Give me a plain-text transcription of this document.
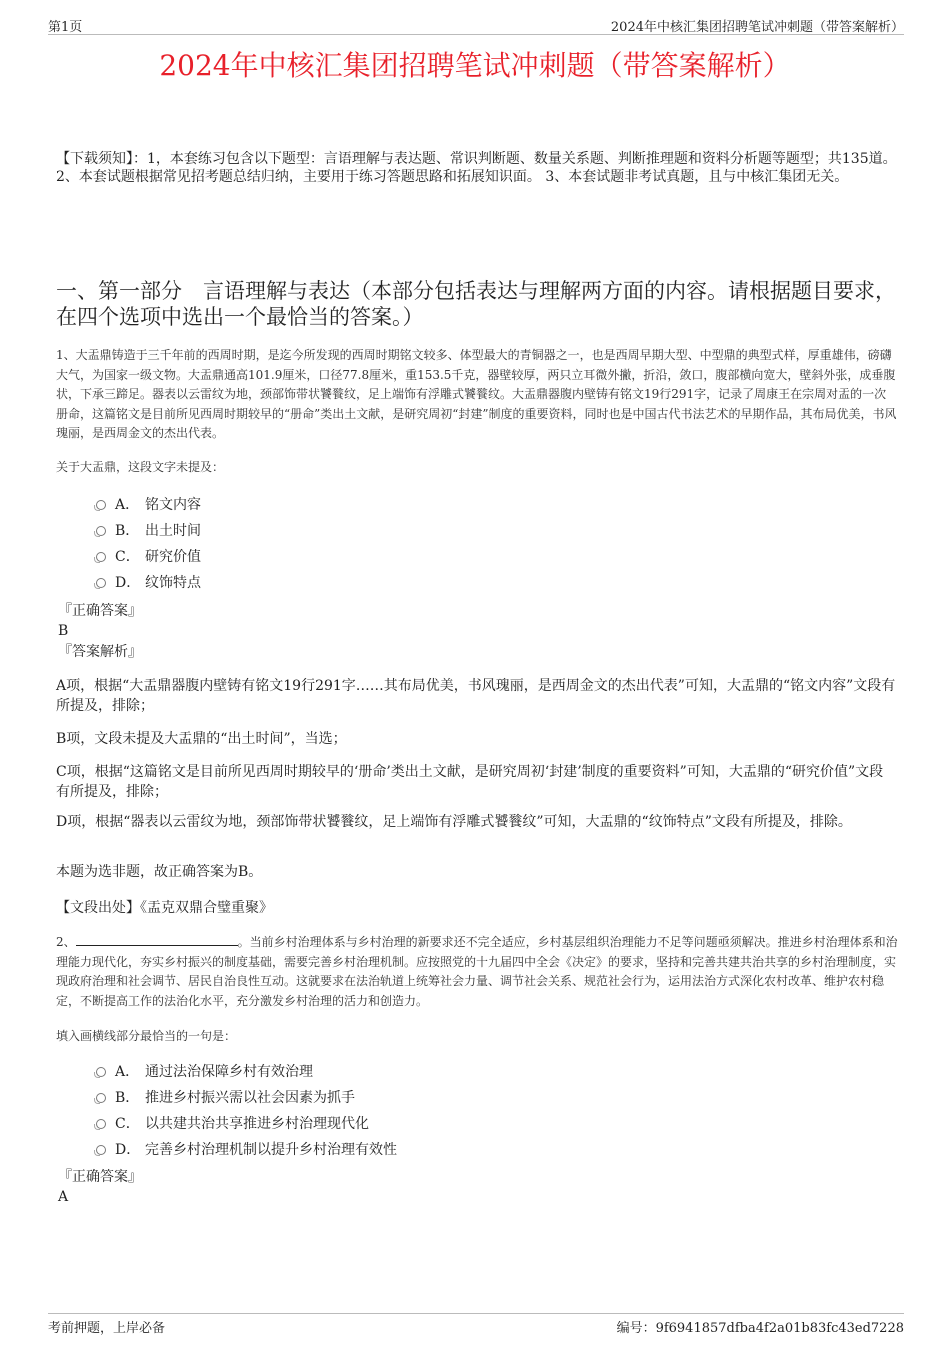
第1页	2024年中核汇集团招聘笔试冲刺题（带答案解析）
2024年中核汇集团招聘笔试冲刺题（带答案解析）
【下载须知】：1，本套练习包含以下题型：言语理解与表达题、常识判断题、数量关系题、判断推理题和资料分析题等题型；共135道。 2、本套试题根据常见招考题总结归纳，主要用于练习答题思路和拓展知识面。 3、本套试题非考试真题，且与中核汇集团无关。
一、第一部分　言语理解与表达（本部分包括表达与理解两方面的内容。请根据题目要求，在四个选项中选出一个最恰当的答案。）
1、大盂鼎铸造于三千年前的西周时期，是迄今所发现的西周时期铭文较多、体型最大的青铜器之一，也是西周早期大型、中型鼎的典型式样，厚重雄伟，磅礴大气，为国家一级文物。大盂鼎通高101.9厘米，口径77.8厘米，重153.5千克，器壁较厚，两只立耳微外撇，折沿，敛口，腹部横向宽大，壁斜外张，成垂腹状，下承三蹄足。器表以云雷纹为地，颈部饰带状饕餮纹，足上端饰有浮雕式饕餮纹。大盂鼎器腹内壁铸有铭文19行291字，记录了周康王在宗周对盂的一次册命，这篇铭文是目前所见西周时期较早的“册命”类出土文献，是研究周初“封建”制度的重要资料，同时也是中国古代书法艺术的早期作品，其布局优美，书风瑰丽，是西周金文的杰出代表。
关于大盂鼎，这段文字未提及：
A． 铭文内容
B． 出土时间
C． 研究价值
D． 纹饰特点
『正确答案』
B
『答案解析』
A项，根据“大盂鼎器腹内壁铸有铭文19行291字……其布局优美，书风瑰丽，是西周金文的杰出代表”可知，大盂鼎的“铭文内容”文段有所提及，排除；
B项，文段未提及大盂鼎的“出土时间”，当选；
C项，根据“这篇铭文是目前所见西周时期较早的‘册命’类出土文献，是研究周初‘封建’制度的重要资料”可知，大盂鼎的“研究价值”文段有所提及，排除；
D项，根据“器表以云雷纹为地，颈部饰带状饕餮纹，足上端饰有浮雕式饕餮纹”可知，大盂鼎的“纹饰特点”文段有所提及，排除。
本题为选非题，故正确答案为B。
【文段出处】《盂克双鼎合璧重聚》
2、	。当前乡村治理体系与乡村治理的新要求还不完全适应，乡村基层组织治理能力不足等问题亟须解决。推进乡村治理体系和治理能力现代化，夯实乡村振兴的制度基础，需要完善乡村治理机制。应按照党的十九届四中全会《决定》的要求，坚持和完善共建共治共享的乡村治理制度，实现政府治理和社会调节、居民自治良性互动。这就要求在法治轨道上统筹社会力量、调节社会关系、规范社会行为，运用法治方式深化农村改革、维护农村稳定，不断提高工作的法治化水平，充分激发乡村治理的活力和创造力。
填入画横线部分最恰当的一句是：
A． 通过法治保障乡村有效治理
B． 推进乡村振兴需以社会因素为抓手
C． 以共建共治共享推进乡村治理现代化
D． 完善乡村治理机制以提升乡村治理有效性
『正确答案』
A
考前押题，上岸必备	编号：9f6941857dfba4f2a01b83fc43ed7228
